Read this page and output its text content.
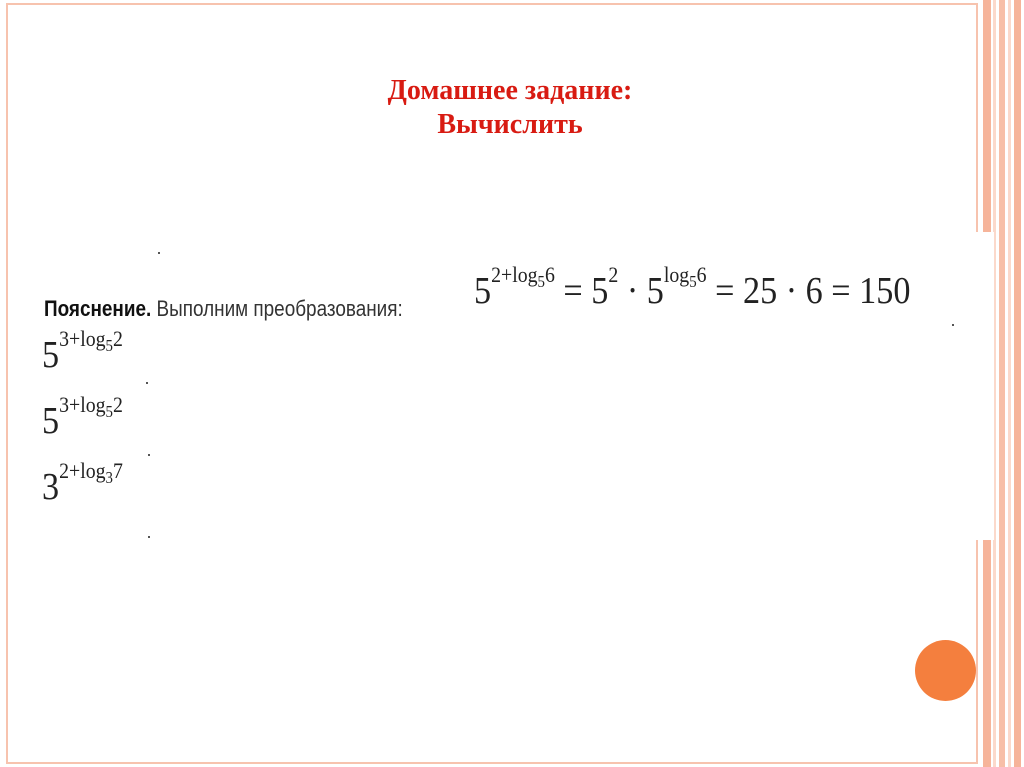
Домашнее задание:
Вычислить
Пояснение. Выполним преобразования: $5^{2+log_56} = 5^2 \cdot 5^{log_56} = 25 \cdot 6 = 150$
$5^{3+log_52}$
$5^{3+log_52}$
$3^{2+log_37}$
